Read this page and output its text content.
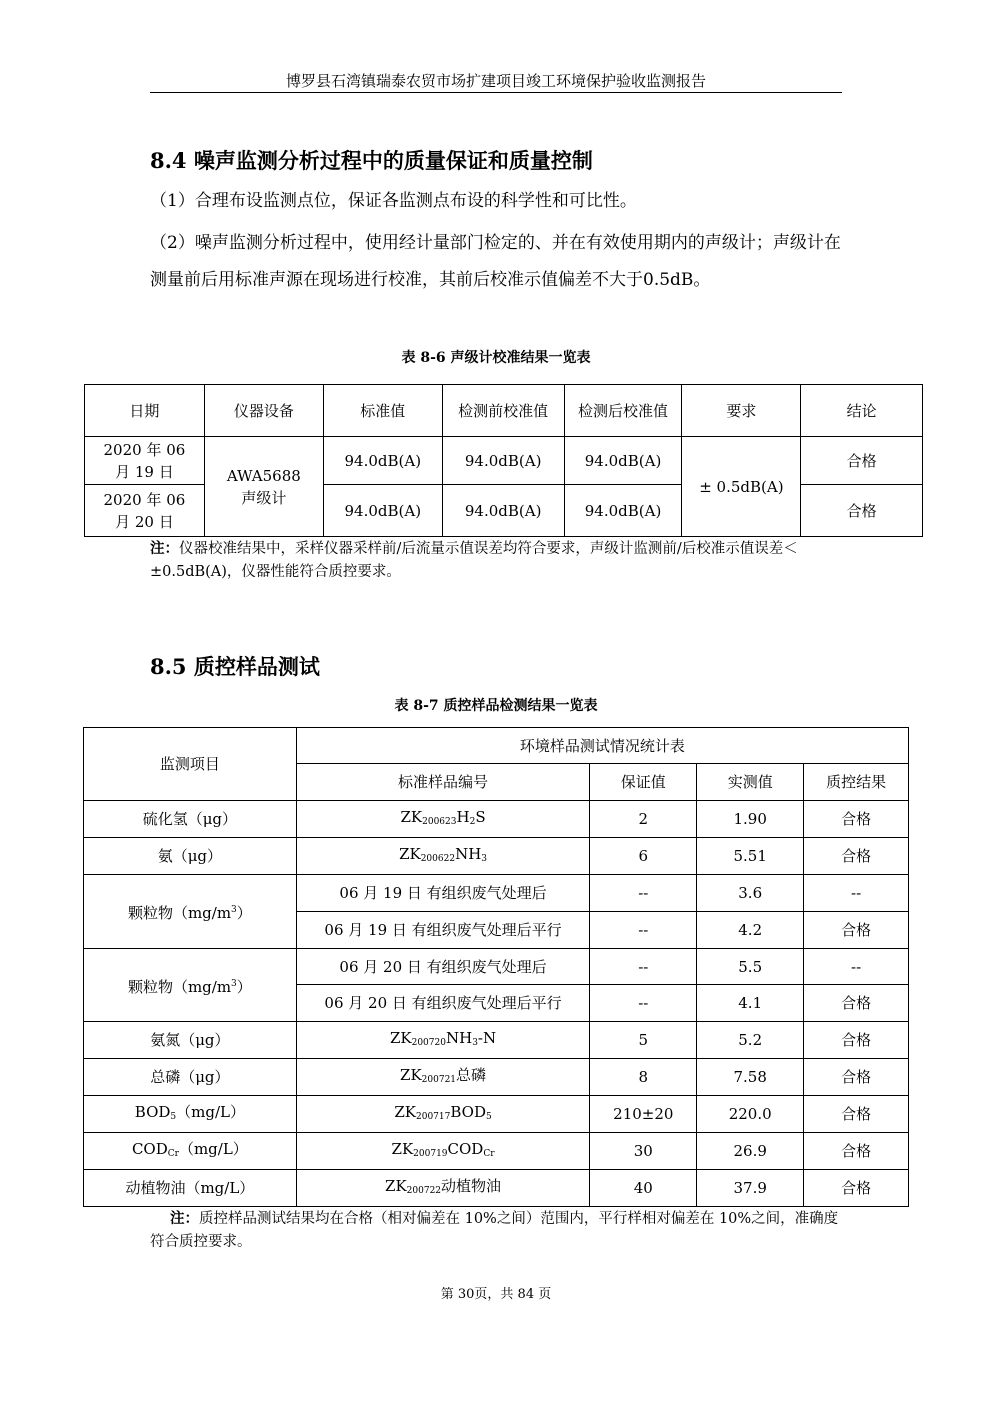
博罗县石湾镇瑞泰农贸市场扩建项目竣工环境保护验收监测报告
8.4 噪声监测分析过程中的质量保证和质量控制
（1）合理布设监测点位，保证各监测点布设的科学性和可比性。
（2）噪声监测分析过程中，使用经计量部门检定的、并在有效使用期内的声级计；声级计在测量前后用标准声源在现场进行校准，其前后校准示值偏差不大于0.5dB。
表 8-6 声级计校准结果一览表
日期	仪器设备	标准值	检测前校准值	检测后校准值	要求	结论
2020 年 06 月 19 日	AWA5688 声级计	94.0dB(A)	94.0dB(A)	94.0dB(A)	± 0.5dB(A)	合格
2020 年 06 月 20 日		94.0dB(A)	94.0dB(A)	94.0dB(A)		合格
注：仪器校准结果中，采样仪器采样前/后流量示值误差均符合要求，声级计监测前/后校准示值误差＜±0.5dB(A)，仪器性能符合质控要求。
8.5 质控样品测试
表 8-7 质控样品检测结果一览表
监测项目	环境样品测试情况统计表			
	标准样品编号	保证值	实测值	质控结果
硫化氢（μg）	$ZK_{200623}H_2S$	2	1.90	合格
氨（μg）	$ZK_{200622}NH_3$	6	5.51	合格
颗粒物$(mg/m^3)$	06 月 19 日 有组织废气处理后	--	3.6	--
	06 月 19 日 有组织废气处理后平行	--	4.2	合格
颗粒物$(mg/m^3)$	06 月 20 日 有组织废气处理后	--	5.5	--
	06 月 20 日 有组织废气处理后平行	--	4.1	合格
氨氮（μg）	$ZK_{200720}NH_3-N$	5	5.2	合格
总磷（μg）	$ZK_{200721}$总磷	8	7.58	合格
$BOD_5(mg/L)$	$ZK_{200717}BOD_5$	210±20	220.0	合格
$COD_{Cr}(mg/L)$	$ZK_{200719}COD_{Cr}$	30	26.9	合格
动植物油（mg/L）	$ZK_{200722}$动植物油	40	37.9	合格
注：质控样品测试结果均在合格（相对偏差在 10%之间）范围内，平行样相对偏差在 10%之间，准确度符合质控要求。
第 30页，共 84 页
